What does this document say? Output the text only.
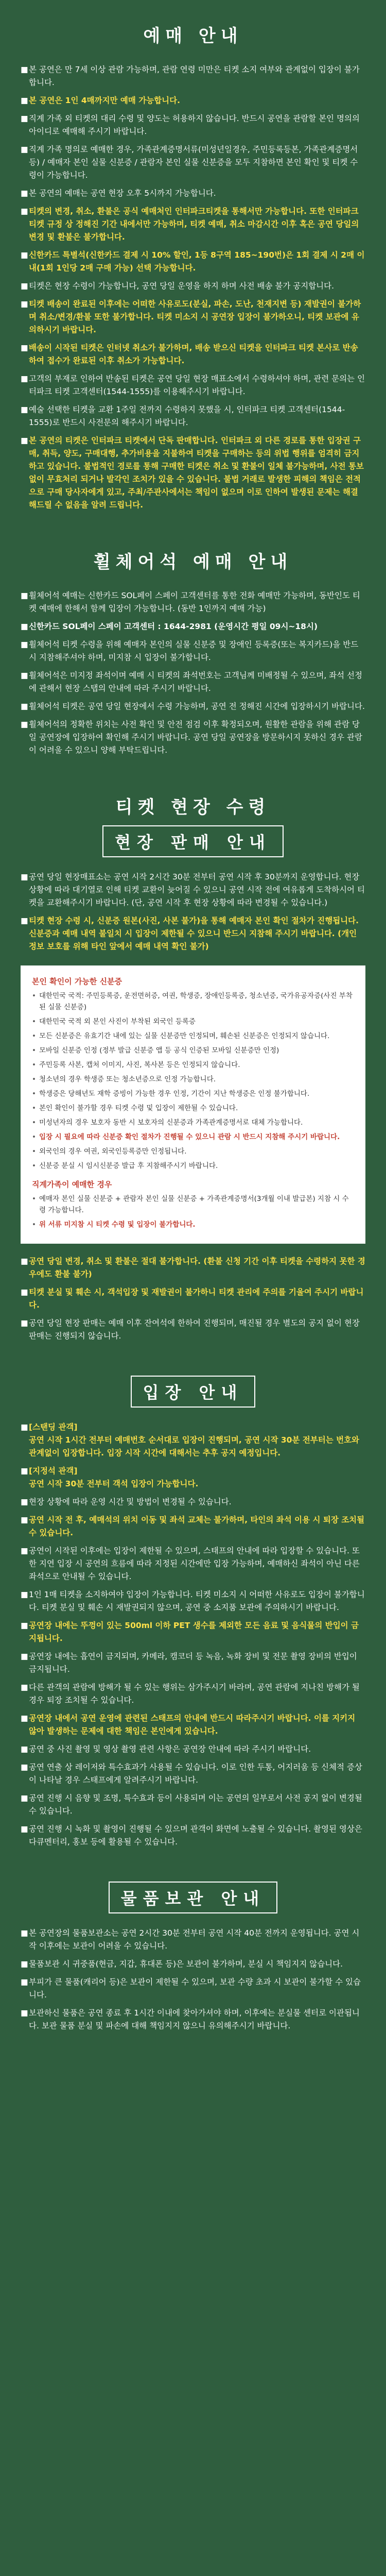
예매 안내
■ 본 공연은 만 7세 이상 관람 가능하며, 관람 연령 미만은 티켓 소지 여부와 관계없이 입장이 불가합니다.
■ 본 공연은 1인 4매까지만 예매 가능합니다.
■ 직계 가족 외 티켓의 대리 수령 및 양도는 허용하지 않습니다. 반드시 공연을 관람할 본인 명의의 아이디로 예매해 주시기 바랍니다.
■ 직계 가족 명의로 예매한 경우, 가족관계증명서류(미성년일경우, 주민등록등본, 가족관계증명서 등) / 예매자 본인 실물 신분증 / 관람자 본인 실물 신분증을 모두 지참하면 본인 확인 및 티켓 수령이 가능합니다.
■ 본 공연의 예매는 공연 현장 오후 5시까지 가능합니다.
■ 티켓의 변경, 취소, 환불은 공식 예매처인 인터파크티켓을 통해서만 가능합니다. 또한 인터파크티켓 규정 상 정해진 기간 내에서만 가능하며, 티켓 예매, 취소 마감시간 이후 혹은 공연 당일의 변경 및 환불은 불가합니다.
■ 신한카드 특별석(신한카드 결제 시 10% 할인, 1등 8구역 185~190번)은 1회 결제 시 2매 이내(1회 1인당 2매 구매 가능) 선택 가능합니다.
■ 티켓은 현장 수령이 가능합니다, 공연 당일 운영을 하지 하며 사전 배송 불가 공지합니다.
■ 티켓 배송이 완료된 이후에는 어떠한 사유로도(분실, 파손, 도난, 천재지변 등) 재발권이 불가하며 취소/변경/환불 또한 불가합니다. 티켓 미소지 시 공연장 입장이 불가하오니, 티켓 보관에 유의하시기 바랍니다.
■ 배송이 시작된 티켓은 인터넷 취소가 불가하며, 배송 받으신 티켓을 인터파크 티켓 본사로 반송하여 접수가 완료된 이후 취소가 가능합니다.
■ 고객의 부재로 인하여 반송된 티켓은 공연 당일 현장 매표소에서 수령하셔야 하며, 관련 문의는 인터파크 티켓 고객센터(1544-1555)를 이용해주시기 바랍니다.
■ 예술 선택한 티켓을 교환 1주일 전까지 수령하지 못했을 시, 인터파크 티켓 고객센터(1544-1555)로 반드시 사전문의 해주시기 바랍니다.
■ 본 공연의 티켓은 인터파크 티켓에서 단독 판매합니다. 인터파크 외 다른 경로를 통한 입장권 구매, 취득, 양도, 구매대행, 추가비용을 지불하여 티켓을 구매하는 등의 위법 행위를 엄격히 금지하고 있습니다. 불법적인 경로를 통해 구매한 티켓은 취소 및 환불이 일체 불가능하며, 사전 통보 없이 무효처리 되거나 발각인 조치가 있을 수 있습니다. 불법 거래로 발생한 피해의 책임은 전적으로 구매 당사자에게 있고, 주최/주관사에서는 책임이 없으며 이로 인하여 발생된 문제는 해결해드릴 수 없음을 알려 드립니다.
휠체어석 예매 안내
■ 휠체어석 예매는 신한카드 SOL페이 스페이 고객센터를 통한 전화 예매만 가능하며, 동반인도 티켓 예매에 한해서 함께 입장이 가능합니다. (동반 1인까지 예매 가능)
■ 신한카드 SOL페이 스페이 고객센터 : 1644-2981 (운영시간 평일 09시~18시)
■ 휠체어석 티켓 수령을 위해 예매자 본인의 실물 신분증 및 장애인 등록증(또는 복지카드)을 반드시 지참해주셔야 하며, 미지참 시 입장이 불가합니다.
■ 휠체어석은 미지정 좌석이며 예매 시 티켓의 좌석번호는 고객님께 미배정될 수 있으며, 좌석 선정에 관해서 현장 스탭의 안내에 따라 주시기 바랍니다.
■ 휠체어석 티켓은 공연 당일 현장에서 수령 가능하며, 공연 전 정해진 시간에 입장하시기 바랍니다.
■ 휠체어석의 정확한 위치는 사전 확인 및 안전 점검 이후 확정되오며, 원활한 관람을 위해 관람 당일 공연장에 입장하여 확인해 주시기 바랍니다. 공연 당일 공연장을 방문하시지 못하신 경우 관람이 어려울 수 있으니 양해 부탁드립니다.
티켓 현장 수령
현장 판매 안내
■ 공연 당일 현장매표소는 공연 시작 2시간 30분 전부터 공연 시작 후 30분까지 운영합니다. 현장 상황에 따라 대기열로 인해 티켓 교환이 늦어질 수 있으니 공연 시작 전에 여유롭게 도착하시어 티켓을 교환해주시기 바랍니다. (단, 공연 시작 후 현장 상황에 따라 변경될 수 있습니다.)
■ 티켓 현장 수령 시, 신분증 원본(사진, 사본 불가)을 통해 예매자 본인 확인 절차가 진행됩니다. 신분증과 예매 내역 불일치 시 입장이 제한될 수 있으니 반드시 지참해 주시기 바랍니다. (개인 정보 보호를 위해 타인 앞에서 예매 내역 확인 불가)
본인 확인이 가능한 신분증
• 대한민국 국적: 주민등록증, 운전면허증, 여권, 학생증, 장애인등록증, 청소년증, 국가유공자증(사진 부착된 실물 신분증)
• 대한민국 국적 외 본인 사진이 부착된 외국인 등록증
• 모든 신분증은 유효기간 내에 있는 실물 신분증만 인정되며, 훼손된 신분증은 인정되지 않습니다.
• 모바일 신분증 인정 (정부 발급 신분증 앱 등 공식 인증된 모바일 신분증만 인정)
• 주민등록 사본, 캡처 이미지, 사진, 복사본 등은 인정되지 않습니다.
• 청소년의 경우 학생증 또는 청소년증으로 인정 가능합니다.
• 학생증은 당해년도 재학 증빙이 가능한 경우 인정, 기간이 지난 학생증은 인정 불가합니다.
• 본인 확인이 불가할 경우 티켓 수령 및 입장이 제한될 수 있습니다.
• 미성년자의 경우 보호자 동반 시 보호자의 신분증과 가족관계증명서로 대체 가능합니다.
• 입장 시 필요에 따라 신분증 확인 절차가 진행될 수 있으니 관람 시 반드시 지참해 주시기 바랍니다.
• 외국인의 경우 여권, 외국인등록증만 인정됩니다.
• 신분증 분실 시 임시신분증 발급 후 지참해주시기 바랍니다.
직계가족이 예매한 경우
• 예매자 본인 실물 신분증 + 관람자 본인 실물 신분증 + 가족관계증명서(3개월 이내 발급본) 지참 시 수령 가능합니다.
• 위 서류 미지참 시 티켓 수령 및 입장이 불가합니다.
■ 공연 당일 변경, 취소 및 환불은 절대 불가합니다. (환불 신청 기간 이후 티켓을 수령하지 못한 경우에도 환불 불가)
■ 티켓 분실 및 훼손 시, 객석입장 및 재발권이 불가하니 티켓 관리에 주의를 기울여 주시기 바랍니다.
■ 공연 당일 현장 판매는 예매 이후 잔여석에 한하여 진행되며, 매진될 경우 별도의 공지 없이 현장 판매는 진행되지 않습니다.
입장 안내
■ [스탠딩 관객]
공연 시작 1시간 전부터 예매번호 순서대로 입장이 진행되며, 공연 시작 30분 전부터는 번호와 관계없이 입장합니다. 입장 시작 시간에 대해서는 추후 공지 예정입니다.
■ [지정석 관객]
공연 시작 30분 전부터 객석 입장이 가능합니다.
■ 현장 상황에 따라 운영 시간 및 방법이 변경될 수 있습니다.
■ 공연 시작 전 후, 예매석의 위치 이동 및 좌석 교체는 불가하며, 타인의 좌석 이용 시 퇴장 조치될 수 있습니다.
■ 공연이 시작된 이후에는 입장이 제한될 수 있으며, 스태프의 안내에 따라 입장할 수 있습니다. 또한 지연 입장 시 공연의 흐름에 따라 지정된 시간에만 입장 가능하며, 예매하신 좌석이 아닌 다른 좌석으로 안내될 수 있습니다.
■ 1인 1매 티켓을 소지하여야 입장이 가능합니다. 티켓 미소지 시 어떠한 사유로도 입장이 불가합니다. 티켓 분실 및 훼손 시 재발권되지 않으며, 공연 중 소지품 보관에 주의하시기 바랍니다.
■ 공연장 내에는 뚜껑이 있는 500ml 이하 PET 생수를 제외한 모든 음료 및 음식물의 반입이 금지됩니다.
■ 공연장 내에는 흡연이 금지되며, 카메라, 캠코더 등 녹음, 녹화 장비 및 전문 촬영 장비의 반입이 금지됩니다.
■ 다른 관객의 관람에 방해가 될 수 있는 행위는 삼가주시기 바라며, 공연 관람에 지나친 방해가 될 경우 퇴장 조치될 수 있습니다.
■ 공연장 내에서 공연 운영에 관련된 스태프의 안내에 반드시 따라주시기 바랍니다. 이를 지키지 않아 발생하는 문제에 대한 책임은 본인에게 있습니다.
■ 공연 중 사진 촬영 및 영상 촬영 관련 사항은 공연장 안내에 따라 주시기 바랍니다.
■ 공연 연출 상 레이저와 특수효과가 사용될 수 있습니다. 이로 인한 두통, 어지러움 등 신체적 증상이 나타날 경우 스태프에게 알려주시기 바랍니다.
■ 공연 진행 시 음향 및 조명, 특수효과 등이 사용되며 이는 공연의 일부로서 사전 공지 없이 변경될 수 있습니다.
■ 공연 진행 시 녹화 및 촬영이 진행될 수 있으며 관객이 화면에 노출될 수 있습니다. 촬영된 영상은 다큐멘터리, 홍보 등에 활용될 수 있습니다.
물품보관 안내
■ 본 공연장의 물품보관소는 공연 2시간 30분 전부터 공연 시작 40분 전까지 운영됩니다. 공연 시작 이후에는 보관이 어려울 수 있습니다.
■ 물품보관 시 귀중품(현금, 지갑, 휴대폰 등)은 보관이 불가하며, 분실 시 책임지지 않습니다.
■ 부피가 큰 물품(캐리어 등)은 보관이 제한될 수 있으며, 보관 수량 초과 시 보관이 불가할 수 있습니다.
■ 보관하신 물품은 공연 종료 후 1시간 이내에 찾아가셔야 하며, 이후에는 분실물 센터로 이관됩니다. 보관 물품 분실 및 파손에 대해 책임지지 않으니 유의해주시기 바랍니다.
